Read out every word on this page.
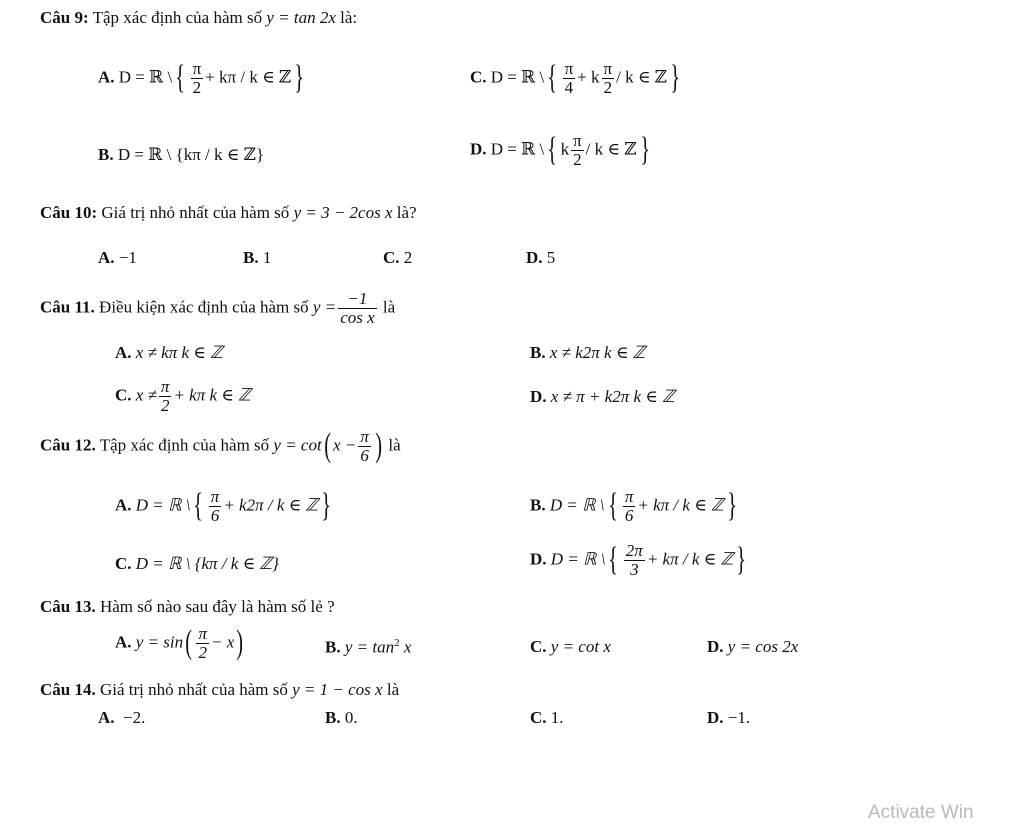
Câu 9: Tập xác định của hàm số y = tan 2x là:
A. D = ℝ \{ $\frac{\pi}{2} + k\pi / k$ ∈ ℤ}	C. D = ℝ \{ $\frac{\pi}{4} + k \frac{\pi}{2} / k$ ∈ ℤ}
B. D = ℝ \ {kπ / k ∈ ℤ}	D. D = ℝ \{ k $\frac{\pi}{2}$ / k ∈ ℤ}
Câu 10: Giá trị nhỏ nhất của hàm số y = 3 − 2cos x là?
A. −1	B. 1	C. 2	D. 5
Câu 11. Điều kiện xác định của hàm số $y = \frac{-1}{\text{cos x}}$ là
A. x ≠ kπ k ∈ ℤ	B. x ≠ k2π k ∈ ℤ
C. $x \ne \frac{\pi}{2} + k\pi$ k ∈ ℤ	D. x ≠ π + k2π k ∈ ℤ
Câu 12. Tập xác định của hàm số y = cot( $x - \frac{\pi}{6}$ ) là
A. D = ℝ \{ $\frac{\pi}{6} + k2\pi / k$ ∈ ℤ}	B. D = ℝ \{ $\frac{\pi}{6} + k\pi / k$ ∈ ℤ}
C. D = ℝ \ {kπ / k ∈ ℤ}	D. D = ℝ \{ $\frac{2\pi}{3} + k\pi / k$ ∈ ℤ}
Câu 13. Hàm số nào sau đây là hàm số lẻ ?
A. $y = \sin( \frac{\pi}{2} - x)$	B. $y = \tan^2 x$	C. y = cot x	D. y = cos 2x
Câu 14. Giá trị nhỏ nhất của hàm số y = 1 − cos x là
A. −2.	B. 0.	C. 1.	D. −1.
Activate Win
